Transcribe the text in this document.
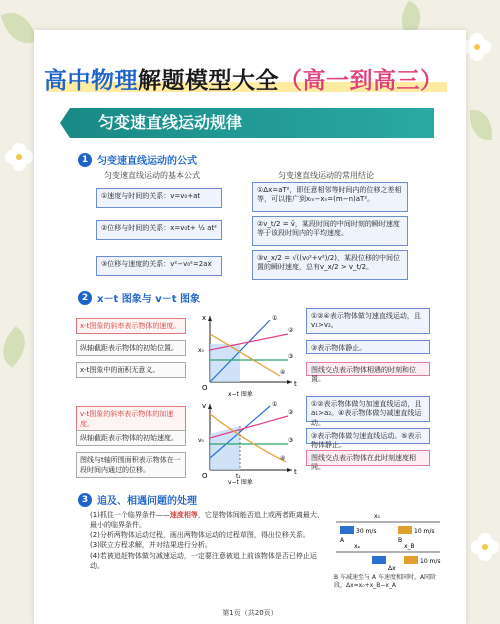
高中物理解题模型大全（高一到高三）
匀变速直线运动规律
1 匀变速直线运动的公式
匀变速直线运动的基本公式	匀变速直线运动的常用结论
①速度与时间的关系：v=v₀+at
②位移与时间的关系：x=v₀t+ ½ at²
③位移与速度的关系：v²−v₀²=2ax
①Δx=aT²，即任意相邻等时间内的位移之差相等，可以推广到xₘ−xₙ=(m−n)aT²。
②v_t/2 = v̄，某段时间的中间时刻的瞬时速度等于该段时间内的平均速度。
③v_x/2 = √((v₀²+v²)/2)，某段位移的中间位置的瞬时速度，总有v_x/2 > v_t/2。
2 x－t 图象与 v－t 图象
x-t图象的斜率表示物体的速度。
纵轴截距表示物体的初始位置。
x-t图象中的面积无意义。
x
t
O
x₀
①
②
③
④
x−t 图象
①②④表示物体做匀速直线运动，且v₁>v₂。
③表示物体静止。
图线交点表示物体相遇的时刻和位置。
v-t图象的斜率表示物体的加速度。
纵轴截距表示物体的初始速度。
图线与t轴所围面积表示物体在一段时间内通过的位移。
v
t
O
v₀
t₁
①
②
③
④
v−t 图象
①②表示物体做匀加速直线运动，且a₁>a₂。④表示物体做匀减速直线运动。
③表示物体做匀速直线运动。⑤表示物体静止。
图线交点表示物体在此时刻速度相同。
3 追及、相遇问题的处理
(1)抓住一个临界条件——速度相等，它是物体间能否追上或两者距离最大、最小的临界条件。
(2)分析两物体运动过程，画出两物体运动的过程草图，得出位移关系。
(3)联立方程求解，并对结果进行分析。
(4)若被追赶物体做匀减速运动，一定要注意被追上前该物体是否已停止运动。
x₀
30 m/s	10 m/s
A	B
10 m/s
xₐ	x_B
Δx
B 车减速至与 A 车速度相同时，A同阶段，Δx=x₀+x_B−x_A
第1页（共20页）
